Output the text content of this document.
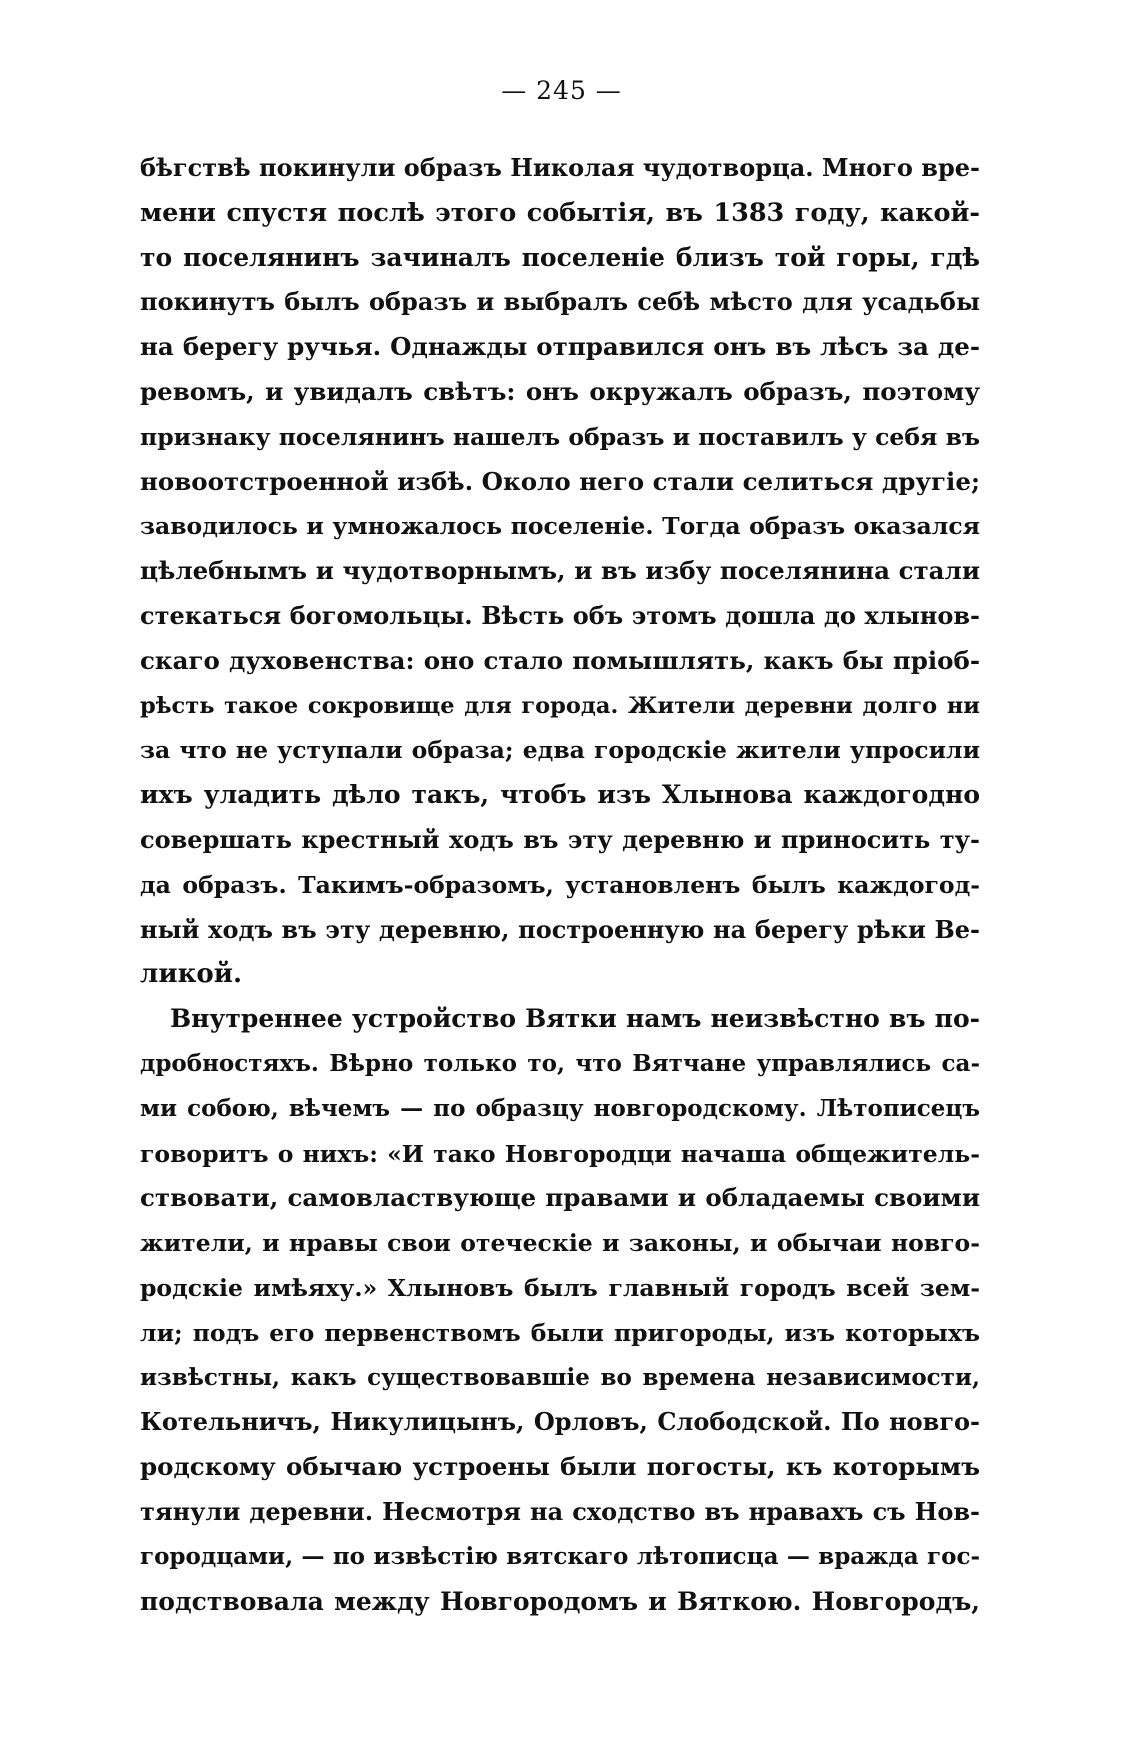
— 245 —
бѣгствѣ покинули образъ Николая чудотворца. Много вре-
мени спустя послѣ этого событія, въ 1383 году, какой-
то поселянинъ зачиналъ поселеніе близъ той горы, гдѣ
покинутъ былъ образъ и выбралъ себѣ мѣсто для усадьбы
на берегу ручья. Однажды отправился онъ въ лѣсъ за де-
ревомъ, и увидалъ свѣтъ: онъ окружалъ образъ, поэтому
признаку поселянинъ нашелъ образъ и поставилъ у себя въ
новоотстроенной избѣ. Около него стали селиться другіе;
заводилось и умножалось поселеніе. Тогда образъ оказался
цѣлебнымъ и чудотворнымъ, и въ избу поселянина стали
стекаться богомольцы. Вѣсть объ этомъ дошла до хлынов-
скаго духовенства: оно стало помышлять, какъ бы пріоб-
рѣсть такое сокровище для города. Жители деревни долго ни
за что не уступали образа; едва городскіе жители упросили
ихъ уладить дѣло такъ, чтобъ изъ Хлынова каждогодно
совершать крестный ходъ въ эту деревню и приносить ту-
да образъ. Такимъ-образомъ, установленъ былъ каждогод-
ный ходъ въ эту деревню, построенную на берегу рѣки Ве-
ликой.
Внутреннее устройство Вятки намъ неизвѣстно въ по-
дробностяхъ. Вѣрно только то, что Вятчане управлялись са-
ми собою, вѣчемъ — по образцу новгородскому. Лѣтописецъ
говоритъ о нихъ: «И тако Новгородци начаша общежитель-
ствовати, самовластвующе правами и обладаемы своими
жители, и нравы свои отеческіе и законы, и обычаи новго-
родскіе имѣяху.» Хлыновъ былъ главный городъ всей зем-
ли; подъ его первенствомъ были пригороды, изъ которыхъ
извѣстны, какъ существовавшіе во времена независимости,
Котельничъ, Никулицынъ, Орловъ, Слободской. По новго-
родскому обычаю устроены были погосты, къ которымъ
тянули деревни. Несмотря на сходство въ нравахъ съ Нов-
городцами, — по извѣстію вятскаго лѣтописца — вражда гос-
подствовала между Новгородомъ и Вяткою. Новгородъ,
